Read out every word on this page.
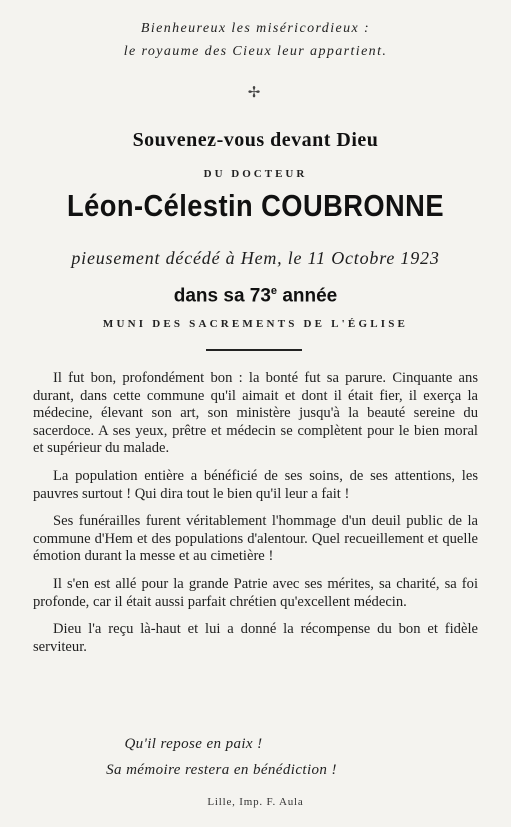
Bienheureux les miséricordieux :
le royaume des Cieux leur appartient.
✢
Souvenez-vous devant Dieu
DU DOCTEUR
Léon-Célestin COUBRONNE
pieusement décédé à Hem, le 11 Octobre 1923
dans sa 73e année
MUNI DES SACREMENTS DE L'ÉGLISE

Il fut bon, profondément bon : la bonté fut sa parure. Cinquante ans durant, dans cette commune qu'il aimait et dont il était fier, il exerça la médecine, élevant son art, son ministère jusqu'à la beauté sereine du sacerdoce. A ses yeux, prêtre et médecin se complètent pour le bien moral et supérieur du malade.

La population entière a bénéficié de ses soins, de ses attentions, les pauvres surtout ! Qui dira tout le bien qu'il leur a fait !

Ses funérailles furent véritablement l'hommage d'un deuil public de la commune d'Hem et des populations d'alentour. Quel recueillement et quelle émotion durant la messe et au cimetière !

Il s'en est allé pour la grande Patrie avec ses mérites, sa charité, sa foi profonde, car il était aussi parfait chrétien qu'excellent médecin.

Dieu l'a reçu là-haut et lui a donné la récompense du bon et fidèle serviteur.

Qu'il repose en paix !
Sa mémoire restera en bénédiction !
Lille, Imp. F. Aula
